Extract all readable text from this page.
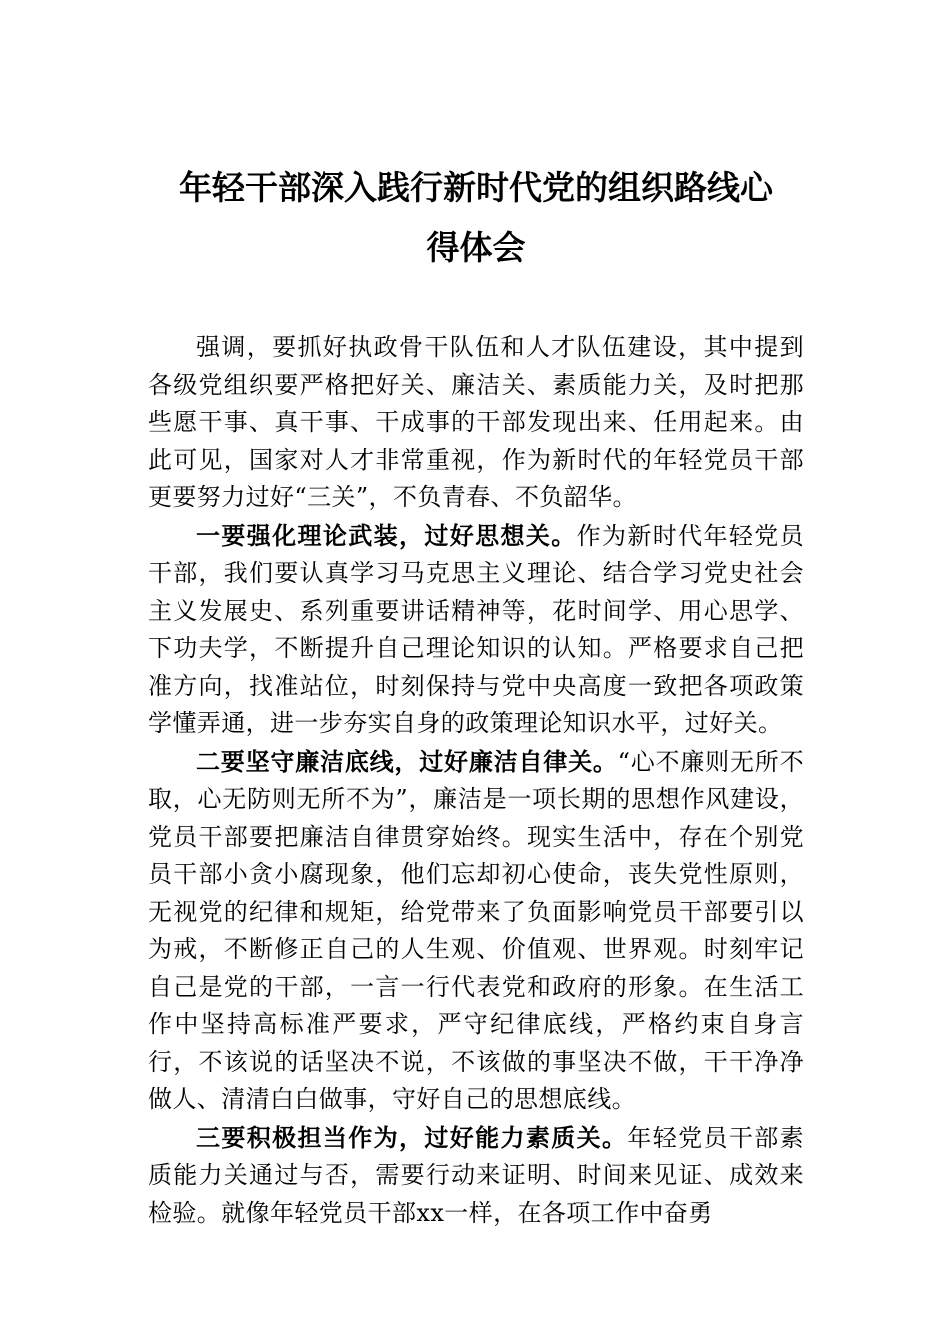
年轻干部深入践行新时代党的组织路线心
得体会

强调，要抓好执政骨干队伍和人才队伍建设，其中提到各级党组织要严格把好关、廉洁关、素质能力关，及时把那些愿干事、真干事、干成事的干部发现出来、任用起来。由此可见，国家对人才非常重视，作为新时代的年轻党员干部更要努力过好“三关”，不负青春、不负韶华。

一要强化理论武装，过好思想关。作为新时代年轻党员干部，我们要认真学习马克思主义理论、结合学习党史社会主义发展史、系列重要讲话精神等，花时间学、用心思学、下功夫学，不断提升自己理论知识的认知。严格要求自己把准方向，找准站位，时刻保持与党中央高度一致把各项政策学懂弄通，进一步夯实自身的政策理论知识水平，过好关。

二要坚守廉洁底线，过好廉洁自律关。“心不廉则无所不取，心无防则无所不为”，廉洁是一项长期的思想作风建设，党员干部要把廉洁自律贯穿始终。现实生活中，存在个别党员干部小贪小腐现象，他们忘却初心使命，丧失党性原则，无视党的纪律和规矩，给党带来了负面影响党员干部要引以为戒，不断修正自己的人生观、价值观、世界观。时刻牢记自己是党的干部，一言一行代表党和政府的形象。在生活工作中坚持高标准严要求，严守纪律底线，严格约束自身言行，不该说的话坚决不说，不该做的事坚决不做，干干净净做人、清清白白做事，守好自己的思想底线。

三要积极担当作为，过好能力素质关。年轻党员干部素质能力关通过与否，需要行动来证明、时间来见证、成效来检验。就像年轻党员干部xx一样，在各项工作中奋勇
